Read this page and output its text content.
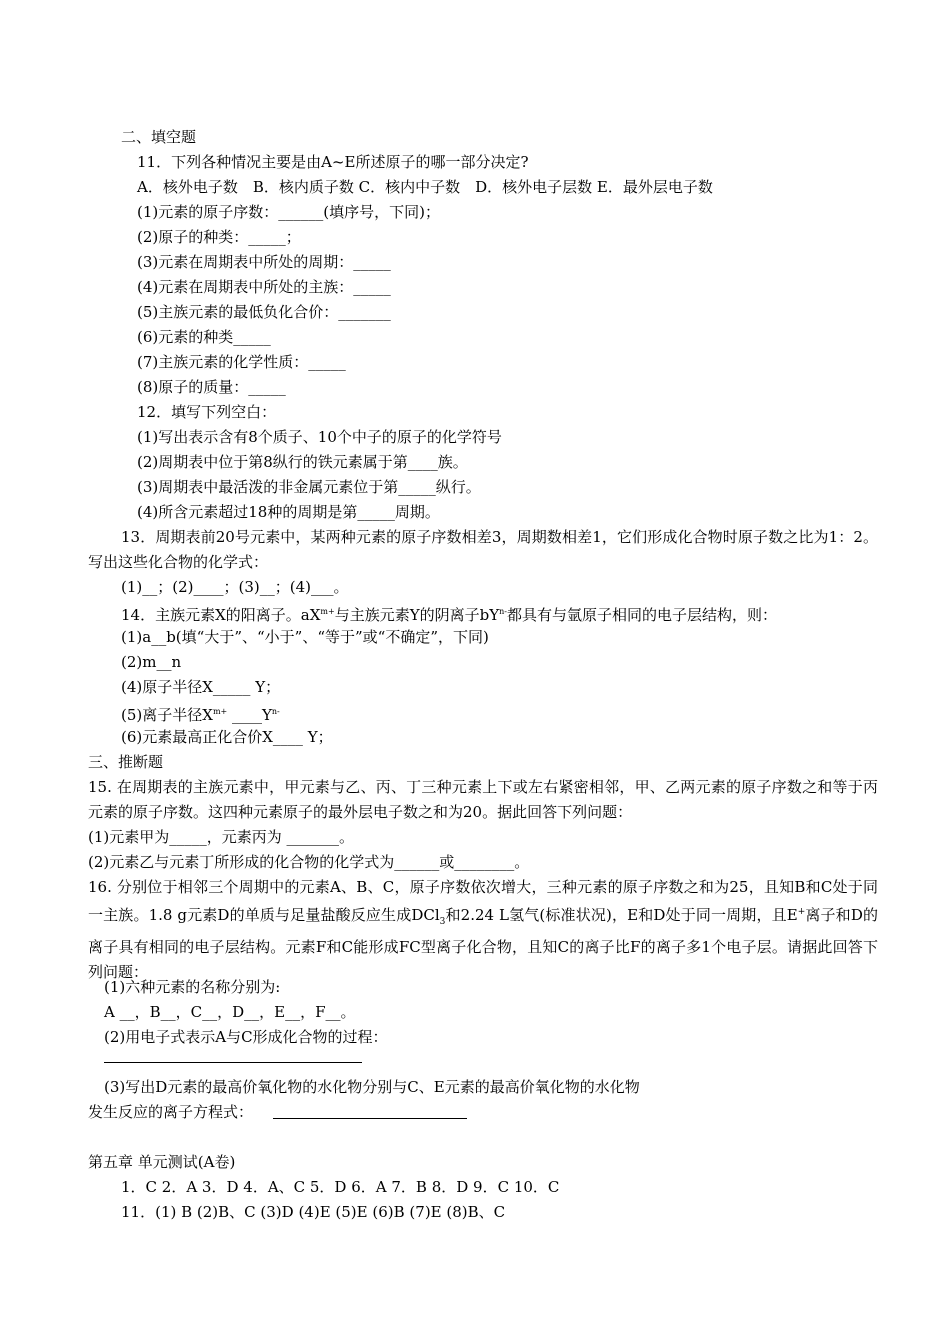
二、填空题
11．下列各种情况主要是由A~E所述原子的哪一部分决定?
A．核外电子数　B．核内质子数 C．核内中子数　D．核外电子层数 E．最外层电子数
(1)元素的原子序数：______(填序号，下同)；
(2)原子的种类：_____；
(3)元素在周期表中所处的周期：_____
(4)元素在周期表中所处的主族：_____
(5)主族元素的最低负化合价：_______
(6)元素的种类_____
(7)主族元素的化学性质：_____
(8)原子的质量：_____
12．填写下列空白：
(1)写出表示含有8个质子、10个中子的原子的化学符号
(2)周期表中位于第8纵行的铁元素属于第____族。
(3)周期表中最活泼的非金属元素位于第_____纵行。
(4)所含元素超过18种的周期是第_____周期。
13．周期表前20号元素中，某两种元素的原子序数相差3，周期数相差1，它们形成化合物时原子数之比为1：2。写出这些化合物的化学式：
(1)__；(2)____；(3)__；(4)___。
14．主族元素X的阳离子。$aX^{m+}$与主族元素Y的阴离子$bY^{n-}$都具有与氩原子相同的电子层结构，则：
(1)a__b(填“大于”、“小于”、“等于”或“不确定”，下同)
(2)m__n
(4)原子半径X_____ Y；
(5)离子半径$X^{m+}$ $\_\_\_\_Y^{n-}$
(6)元素最高正化合价X____ Y；
三、推断题
15. 在周期表的主族元素中，甲元素与乙、丙、丁三种元素上下或左右紧密相邻，甲、乙两元素的原子序数之和等于丙元素的原子序数。这四种元素原子的最外层电子数之和为20。据此回答下列问题：
(1)元素甲为_____，元素丙为 _______。
(2)元素乙与元素丁所形成的化合物的化学式为______或________。
16. 分别位于相邻三个周期中的元素A、B、C，原子序数依次增大，三种元素的原子序数之和为25，且知B和C处于同一主族。1.8 g元素D的单质与足量盐酸反应生成DCl$_3$和2.24 L氢气(标准状况)，E和D处于同一周期，且E+离子和D的离子具有相同的电子层结构。元素F和C能形成FC型离子化合物，且知C的离子比F的离子多1个电子层。请据此回答下列问题：
(1)六种元素的名称分别为:
A __，B__，C__，D__，E__，F__。
(2)用电子式表示A与C形成化合物的过程：
(3)写出D元素的最高价氧化物的水化物分别与C、E元素的最高价氧化物的水化物
发生反应的离子方程式：
第五章 单元测试(A卷)
1．C 2．A 3．D 4．A、C 5．D 6．A 7．B 8．D 9．C 10．C
11．(1) B (2)B、C (3)D (4)E (5)E (6)B (7)E (8)B、C
